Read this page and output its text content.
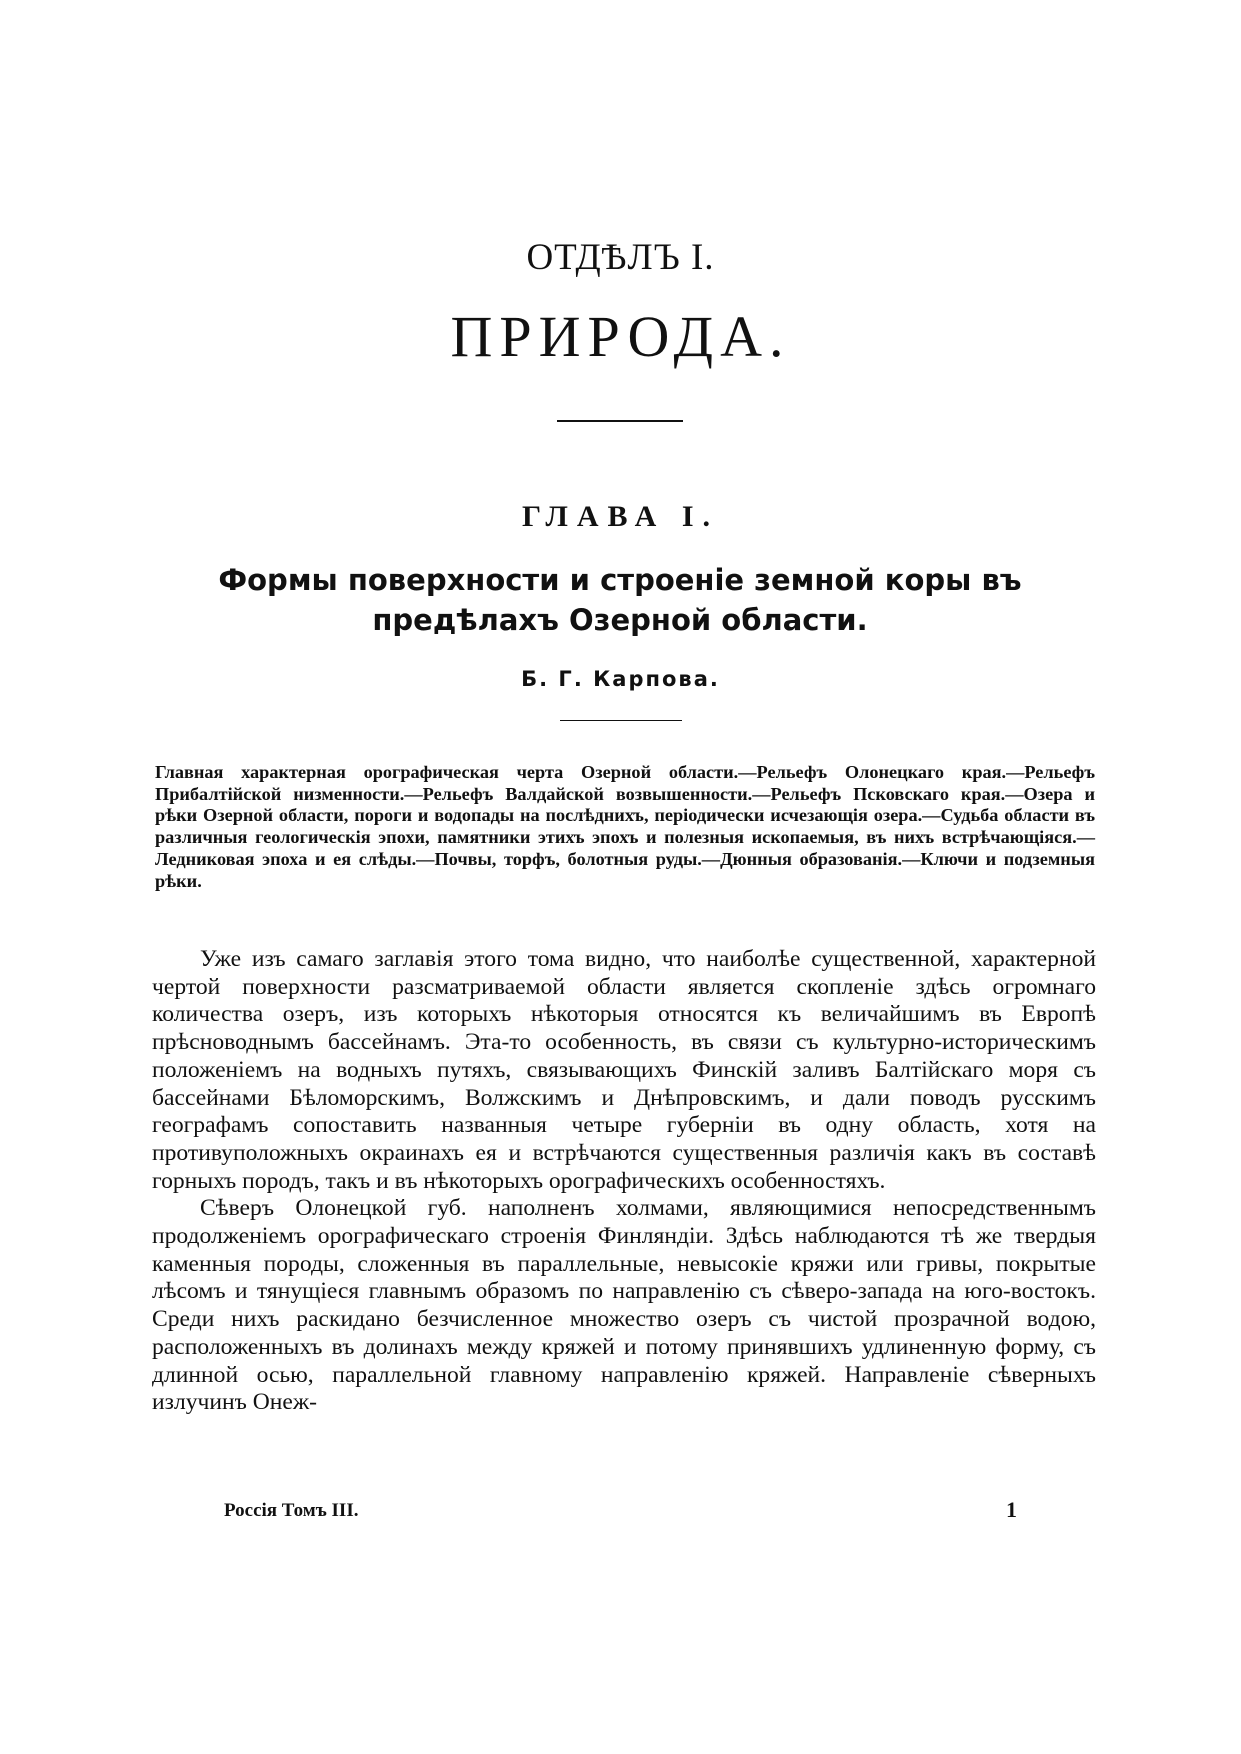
ОТДѢЛЪ I.
ПРИРОДА.
ГЛАВА I.
Формы поверхности и строеніе земной коры въ предѣлахъ Озерной области.
Б. Г. Карпова.

Главная характерная орографическая черта Озерной области.—Рельефъ Олонецкаго края.—Рельефъ Прибалтійской низменности.—Рельефъ Валдайской возвышенности.—Рельефъ Псковскаго края.—Озера и рѣки Озерной области, пороги и водопады на послѣднихъ, періодически исчезающія озера.—Судьба области въ различныя геологическія эпохи, памятники этихъ эпохъ и полезныя ископаемыя, въ нихъ встрѣчающіяся.—Ледниковая эпоха и ея слѣды.—Почвы, торфъ, болотныя руды.—Дюнныя образованія.—Ключи и подземныя рѣки.

Уже изъ самаго заглавія этого тома видно, что наиболѣе существенной, характерной чертой поверхности разсматриваемой области является скопленіе здѣсь огромнаго количества озеръ, изъ которыхъ нѣкоторыя относятся къ величайшимъ въ Европѣ прѣсноводнымъ бассейнамъ. Эта-то особенность, въ связи съ культурно-историческимъ положеніемъ на водныхъ путяхъ, связывающихъ Финскій заливъ Балтійскаго моря съ бассейнами Бѣломорскимъ, Волжскимъ и Днѣпровскимъ, и дали поводъ русскимъ географамъ сопоставить названныя четыре губерніи въ одну область, хотя на противуположныхъ окраинахъ ея и встрѣчаются существенныя различія какъ въ составѣ горныхъ породъ, такъ и въ нѣкоторыхъ орографическихъ особенностяхъ.

Сѣверъ Олонецкой губ. наполненъ холмами, являющимися непосредственнымъ продолженіемъ орографическаго строенія Финляндіи. Здѣсь наблюдаются тѣ же твердыя каменныя породы, сложенныя въ параллельные, невысокіе кряжи или гривы, покрытые лѣсомъ и тянущіеся главнымъ образомъ по направленію съ сѣверо-запада на юго-востокъ. Среди нихъ раскидано безчисленное множество озеръ съ чистой прозрачной водою, расположенныхъ въ долинахъ между кряжей и потому принявшихъ удлиненную форму, съ длинной осью, параллельной главному направленію кряжей. Направленіе сѣверныхъ излучинъ Онеж-

Россія Томъ III.	1
